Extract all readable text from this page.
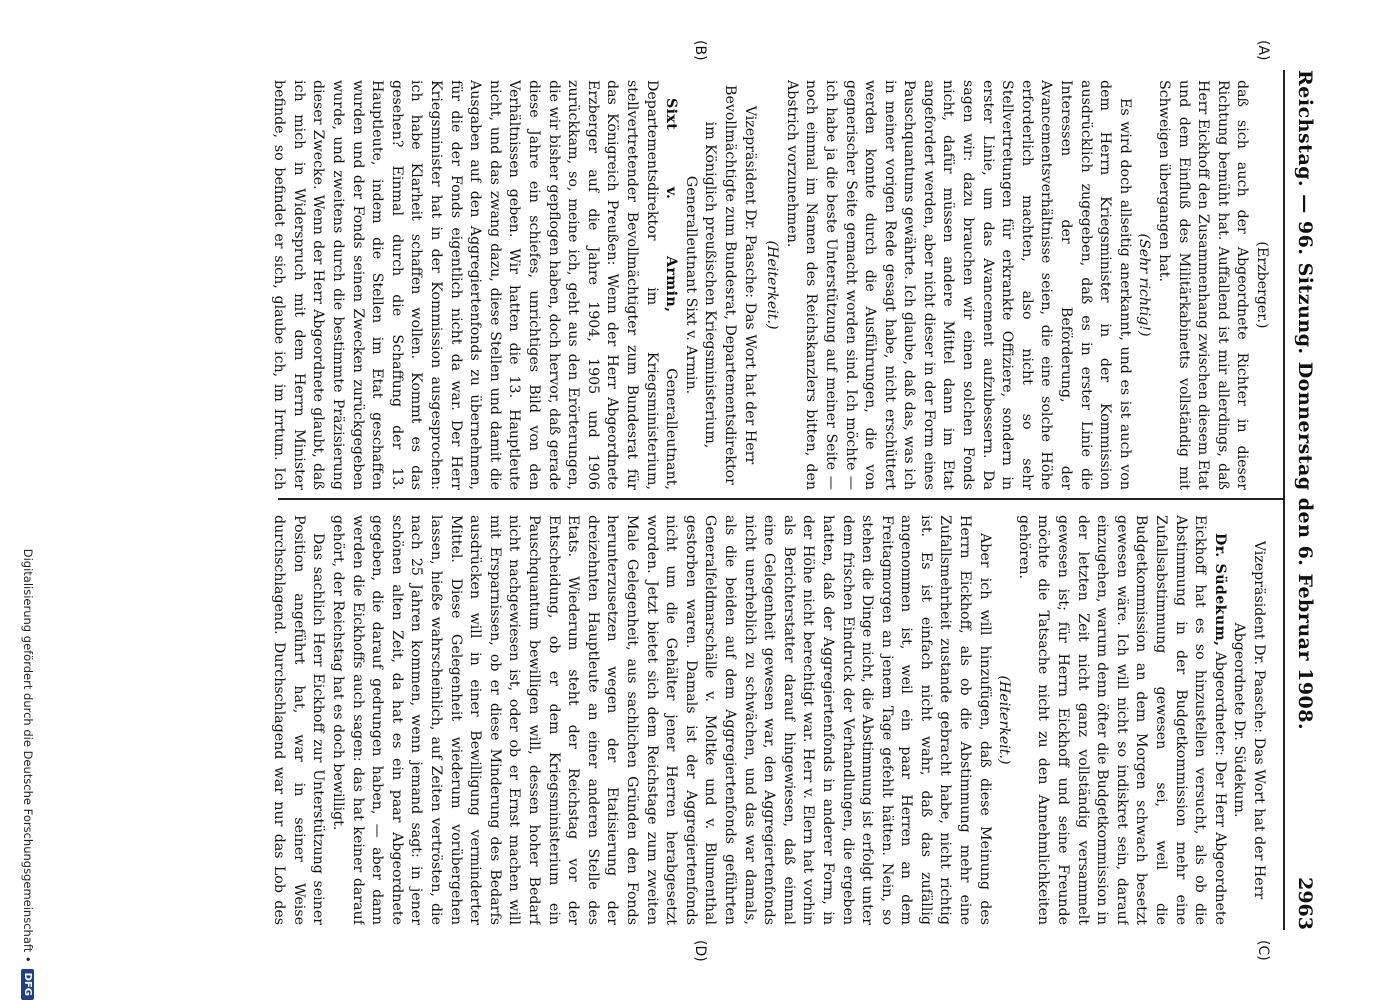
Reichstag. — 96. Sitzung. Donnerstag den 6. Februar 1908.
2963
(A)
(B)
(C)
(D)

(Erzberger.)

daß sich auch der Abgeordnete Richter in dieser Richtung bemüht hat. Auffallend ist mir allerdings, daß Herr Eickhoff den Zusammenhang zwischen diesem Etat und dem Einfluß des Militärkabinetts vollständig mit Schweigen übergangen hat.

(Sehr richtig!)

Es wird doch allseitig anerkannt, und es ist auch von dem Herrn Kriegsminister in der Kommission ausdrücklich zugegeben, daß es in erster Linie die Interessen der Beförderung, der Avancementsverhältnisse seien, die eine solche Höhe erforderlich machten, also nicht so sehr Stellvertretungen für erkrankte Offiziere, sondern in erster Linie, um das Avancement aufzubessern. Da sagen wir: dazu brauchen wir einen solchen Fonds nicht, dafür müssen andere Mittel dann im Etat angefordert werden, aber nicht dieser in der Form eines Pauschquantums gewährte. Ich glaube, daß das, was ich in meiner vorigen Rede gesagt habe, nicht erschüttert werden konnte durch die Ausführungen, die von gegnerischer Seite gemacht worden sind. Ich möchte — ich habe ja die beste Unterstützung auf meiner Seite — noch einmal im Namen des Reichskanzlers bitten, den Abstrich vorzunehmen.

(Heiterkeit.)

Vizepräsident Dr. Paasche: Das Wort hat der Herr Bevollmächtigte zum Bundesrat, Departementsdirektor im Königlich preußischen Kriegsministerium, Generalleutnant Sixt v. Armin.

Sixt v. Armin, Generalleutnant, Departementsdirektor im Kriegsministerium, stellvertretender Bevollmächtigter zum Bundesrat für das Königreich Preußen: Wenn der Herr Abgeordnete Erzberger auf die Jahre 1904, 1905 und 1906 zurückkam, so, meine ich, geht aus den Erörterungen, die wir bisher gepflogen haben, doch hervor, daß gerade diese Jahre ein schiefes, unrichtiges Bild von den Verhältnissen geben. Wir hatten die 13. Hauptleute nicht, und das zwang dazu, diese Stellen und damit die Ausgaben auf den Aggregiertenfonds zu übernehmen, für die der Fonds eigentlich nicht da war. Der Herr Kriegsminister hat in der Kommission ausgesprochen: ich habe Klarheit schaffen wollen. Kommt es das gesehen? Einmal durch die Schaffung der 13. Hauptleute, indem die Stellen im Etat geschaffen wurden und der Fonds seinen Zwecken zurückgegeben wurde, und zweitens durch die bestimmte Präzisierung dieser Zwecke. Wenn der Herr Abgeordnete glaubt, daß ich mich in Widerspruch mit dem Herrn Minister befinde, so befindet er sich, glaube ich, im Irrtum. Ich

Vizepräsident Dr. Paasche: Das Wort hat der Herr Abgeordnete Dr. Südekum.

Dr. Südekum, Abgeordneter: Der Herr Abgeordnete Eickhoff hat es so hinzustellen versucht, als ob die Abstimmung in der Budgetkommission mehr eine Zufallsabstimmung gewesen sei, weil die Budgetkommission an dem Morgen schwach besetzt gewesen wäre. Ich will nicht so indiskret sein, darauf einzugehen, warum denn öfter die Budgetkommission in der letzten Zeit nicht ganz vollständig versammelt gewesen ist; für Herrn Eickhoff und seine Freunde möchte die Tatsache nicht zu den Annehmlichkeiten gehören.

(Heiterkeit.)

Aber ich will hinzufügen, daß diese Meinung des Herrn Eickhoff, als ob die Abstimmung mehr eine Zufallsmehrheit zustande gebracht habe, nicht richtig ist. Es ist einfach nicht wahr, daß das zufällig angenommen ist, weil ein paar Herren an dem Freitagmorgen an jenem Tage gefehlt hätten. Nein, so stehen die Dinge nicht, die Abstimmung ist erfolgt unter dem frischen Eindruck der Verhandlungen, die ergeben hatten, daß der Aggregiertenfonds in anderer Form, in der Höhe nicht berechtigt war. Herr v. Elern hat vorhin als Berichterstatter darauf hingewiesen, daß einmal eine Gelegenheit gewesen war, den Aggregiertenfonds nicht unerheblich zu schwächen, und das war damals, als die beiden auf dem Aggregiertenfonds geführten Generalfeldmarschälle v. Moltke und v. Blumenthal gestorben waren. Damals ist der Aggregiertenfonds nicht um die Gehälter jener Herren herabgesetzt worden. Jetzt bietet sich dem Reichstage zum zweiten Male Gelegenheit, aus sachlichen Gründen den Fonds herunterzusetzen wegen der Etatisierung der dreizehnten Hauptleute an einer anderen Stelle des Etats. Wiederum steht der Reichstag vor der Entscheidung, ob er dem Kriegsministerium ein Pauschquantum bewilligen will, dessen hoher Bedarf nicht nachgewiesen ist, oder ob er Ernst machen will mit Ersparnissen, ob er diese Minderung des Bedarfs ausdrücken will in einer Bewilligung verminderter Mittel. Diese Gelegenheit wiederum vorübergehen lassen, hieße wahrscheinlich, auf Zeiten vertrösten, die nach 25 Jahren kommen, wenn jemand sagt: in jener schönen alten Zeit, da hat es ein paar Abgeordnete gegeben, die darauf gedrungen haben, — aber dann werden die Eickhoffs auch sagen: das hat keiner darauf gehört, der Reichstag hat es doch bewilligt.

Das sachlich Herr Eickhoff zur Unterstützung seiner Position angeführt hat, war in seiner Weise durchschlagend. Durchschlagend war nur das Lob des

Digitalisierung gefördert durch die Deutsche Forschungsgemeinschaft •
DFG
